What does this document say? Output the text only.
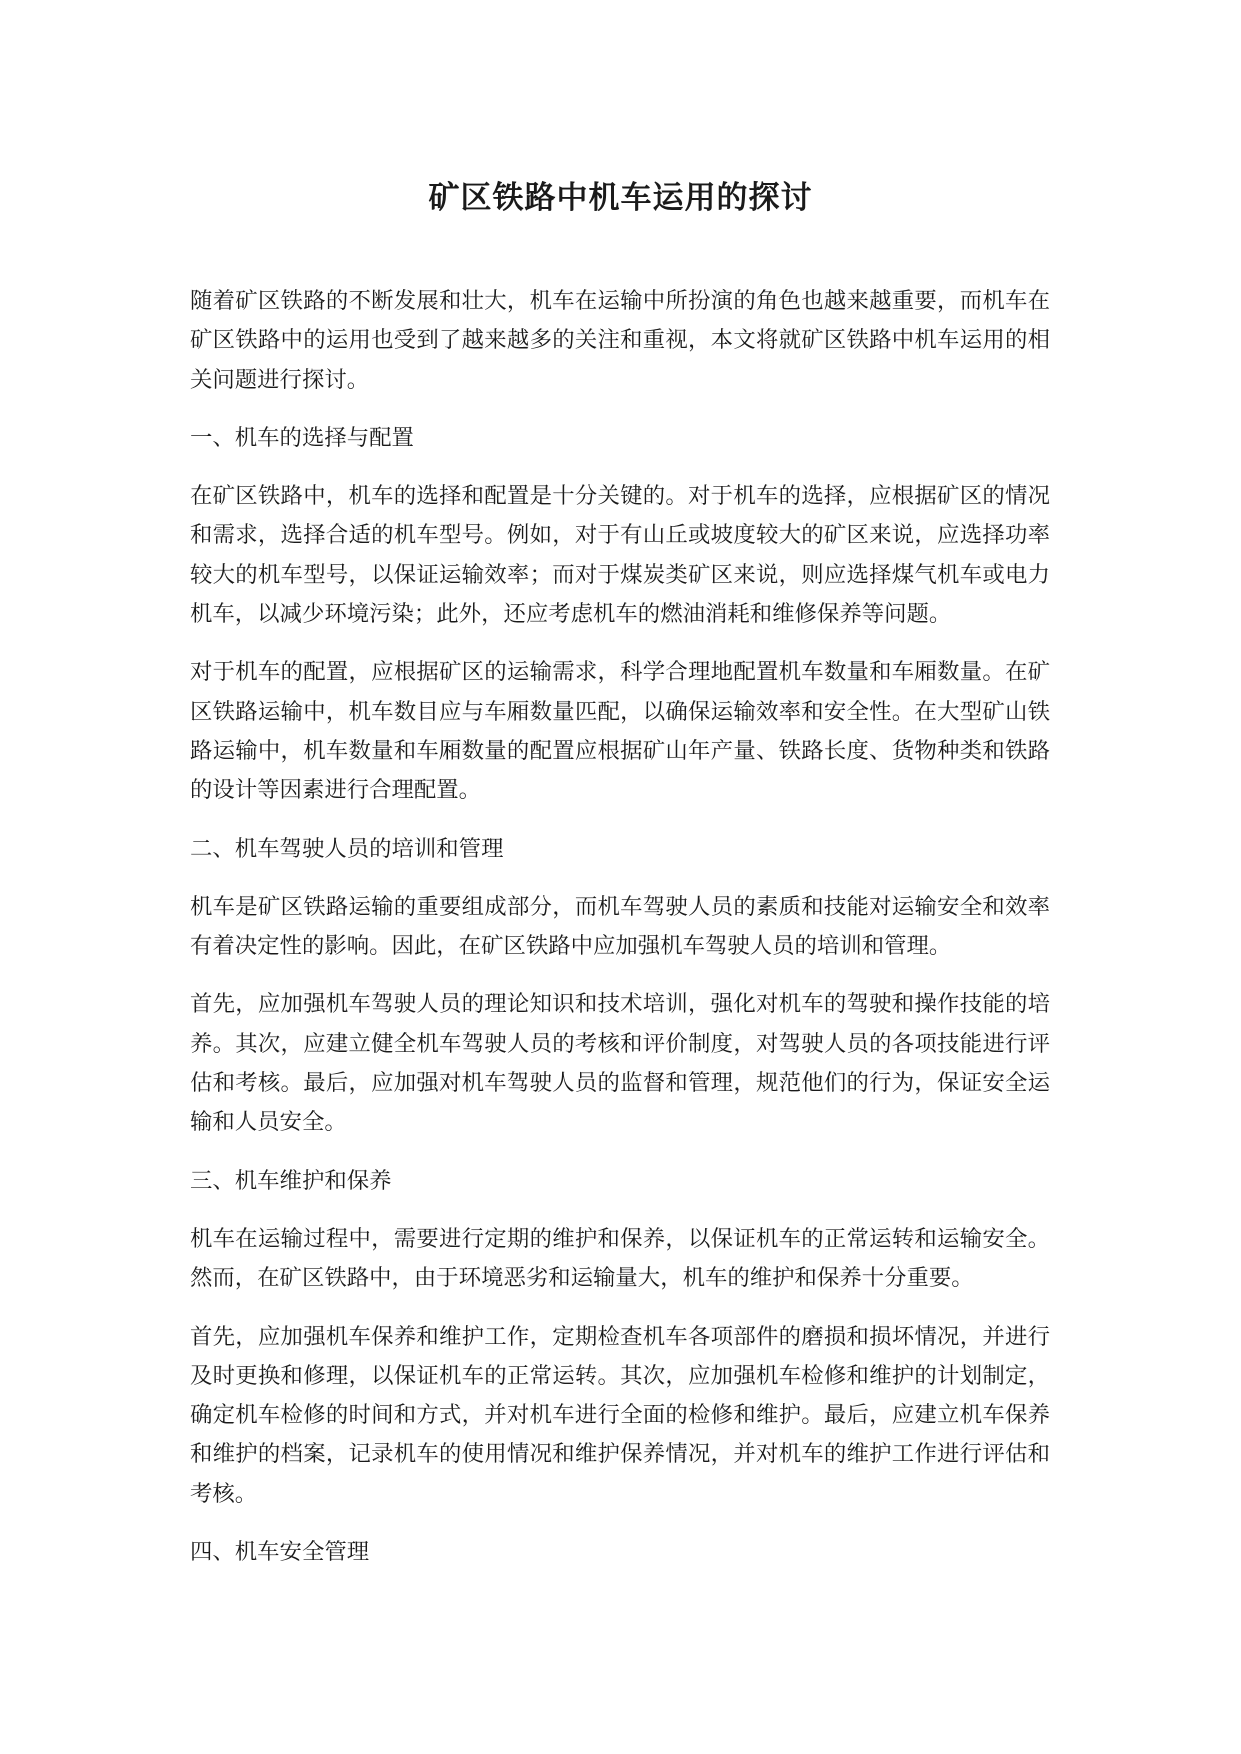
矿区铁路中机车运用的探讨

随着矿区铁路的不断发展和壮大，机车在运输中所扮演的角色也越来越重要，而机车在矿区铁路中的运用也受到了越来越多的关注和重视，本文将就矿区铁路中机车运用的相关问题进行探讨。

一、机车的选择与配置

在矿区铁路中，机车的选择和配置是十分关键的。对于机车的选择，应根据矿区的情况和需求，选择合适的机车型号。例如，对于有山丘或坡度较大的矿区来说，应选择功率较大的机车型号，以保证运输效率；而对于煤炭类矿区来说，则应选择煤气机车或电力机车，以减少环境污染；此外，还应考虑机车的燃油消耗和维修保养等问题。

对于机车的配置，应根据矿区的运输需求，科学合理地配置机车数量和车厢数量。在矿区铁路运输中，机车数目应与车厢数量匹配，以确保运输效率和安全性。在大型矿山铁路运输中，机车数量和车厢数量的配置应根据矿山年产量、铁路长度、货物种类和铁路的设计等因素进行合理配置。

二、机车驾驶人员的培训和管理

机车是矿区铁路运输的重要组成部分，而机车驾驶人员的素质和技能对运输安全和效率有着决定性的影响。因此，在矿区铁路中应加强机车驾驶人员的培训和管理。

首先，应加强机车驾驶人员的理论知识和技术培训，强化对机车的驾驶和操作技能的培养。其次，应建立健全机车驾驶人员的考核和评价制度，对驾驶人员的各项技能进行评估和考核。最后，应加强对机车驾驶人员的监督和管理，规范他们的行为，保证安全运输和人员安全。

三、机车维护和保养

机车在运输过程中，需要进行定期的维护和保养，以保证机车的正常运转和运输安全。然而，在矿区铁路中，由于环境恶劣和运输量大，机车的维护和保养十分重要。

首先，应加强机车保养和维护工作，定期检查机车各项部件的磨损和损坏情况，并进行及时更换和修理，以保证机车的正常运转。其次，应加强机车检修和维护的计划制定，确定机车检修的时间和方式，并对机车进行全面的检修和维护。最后，应建立机车保养和维护的档案，记录机车的使用情况和维护保养情况，并对机车的维护工作进行评估和考核。

四、机车安全管理
